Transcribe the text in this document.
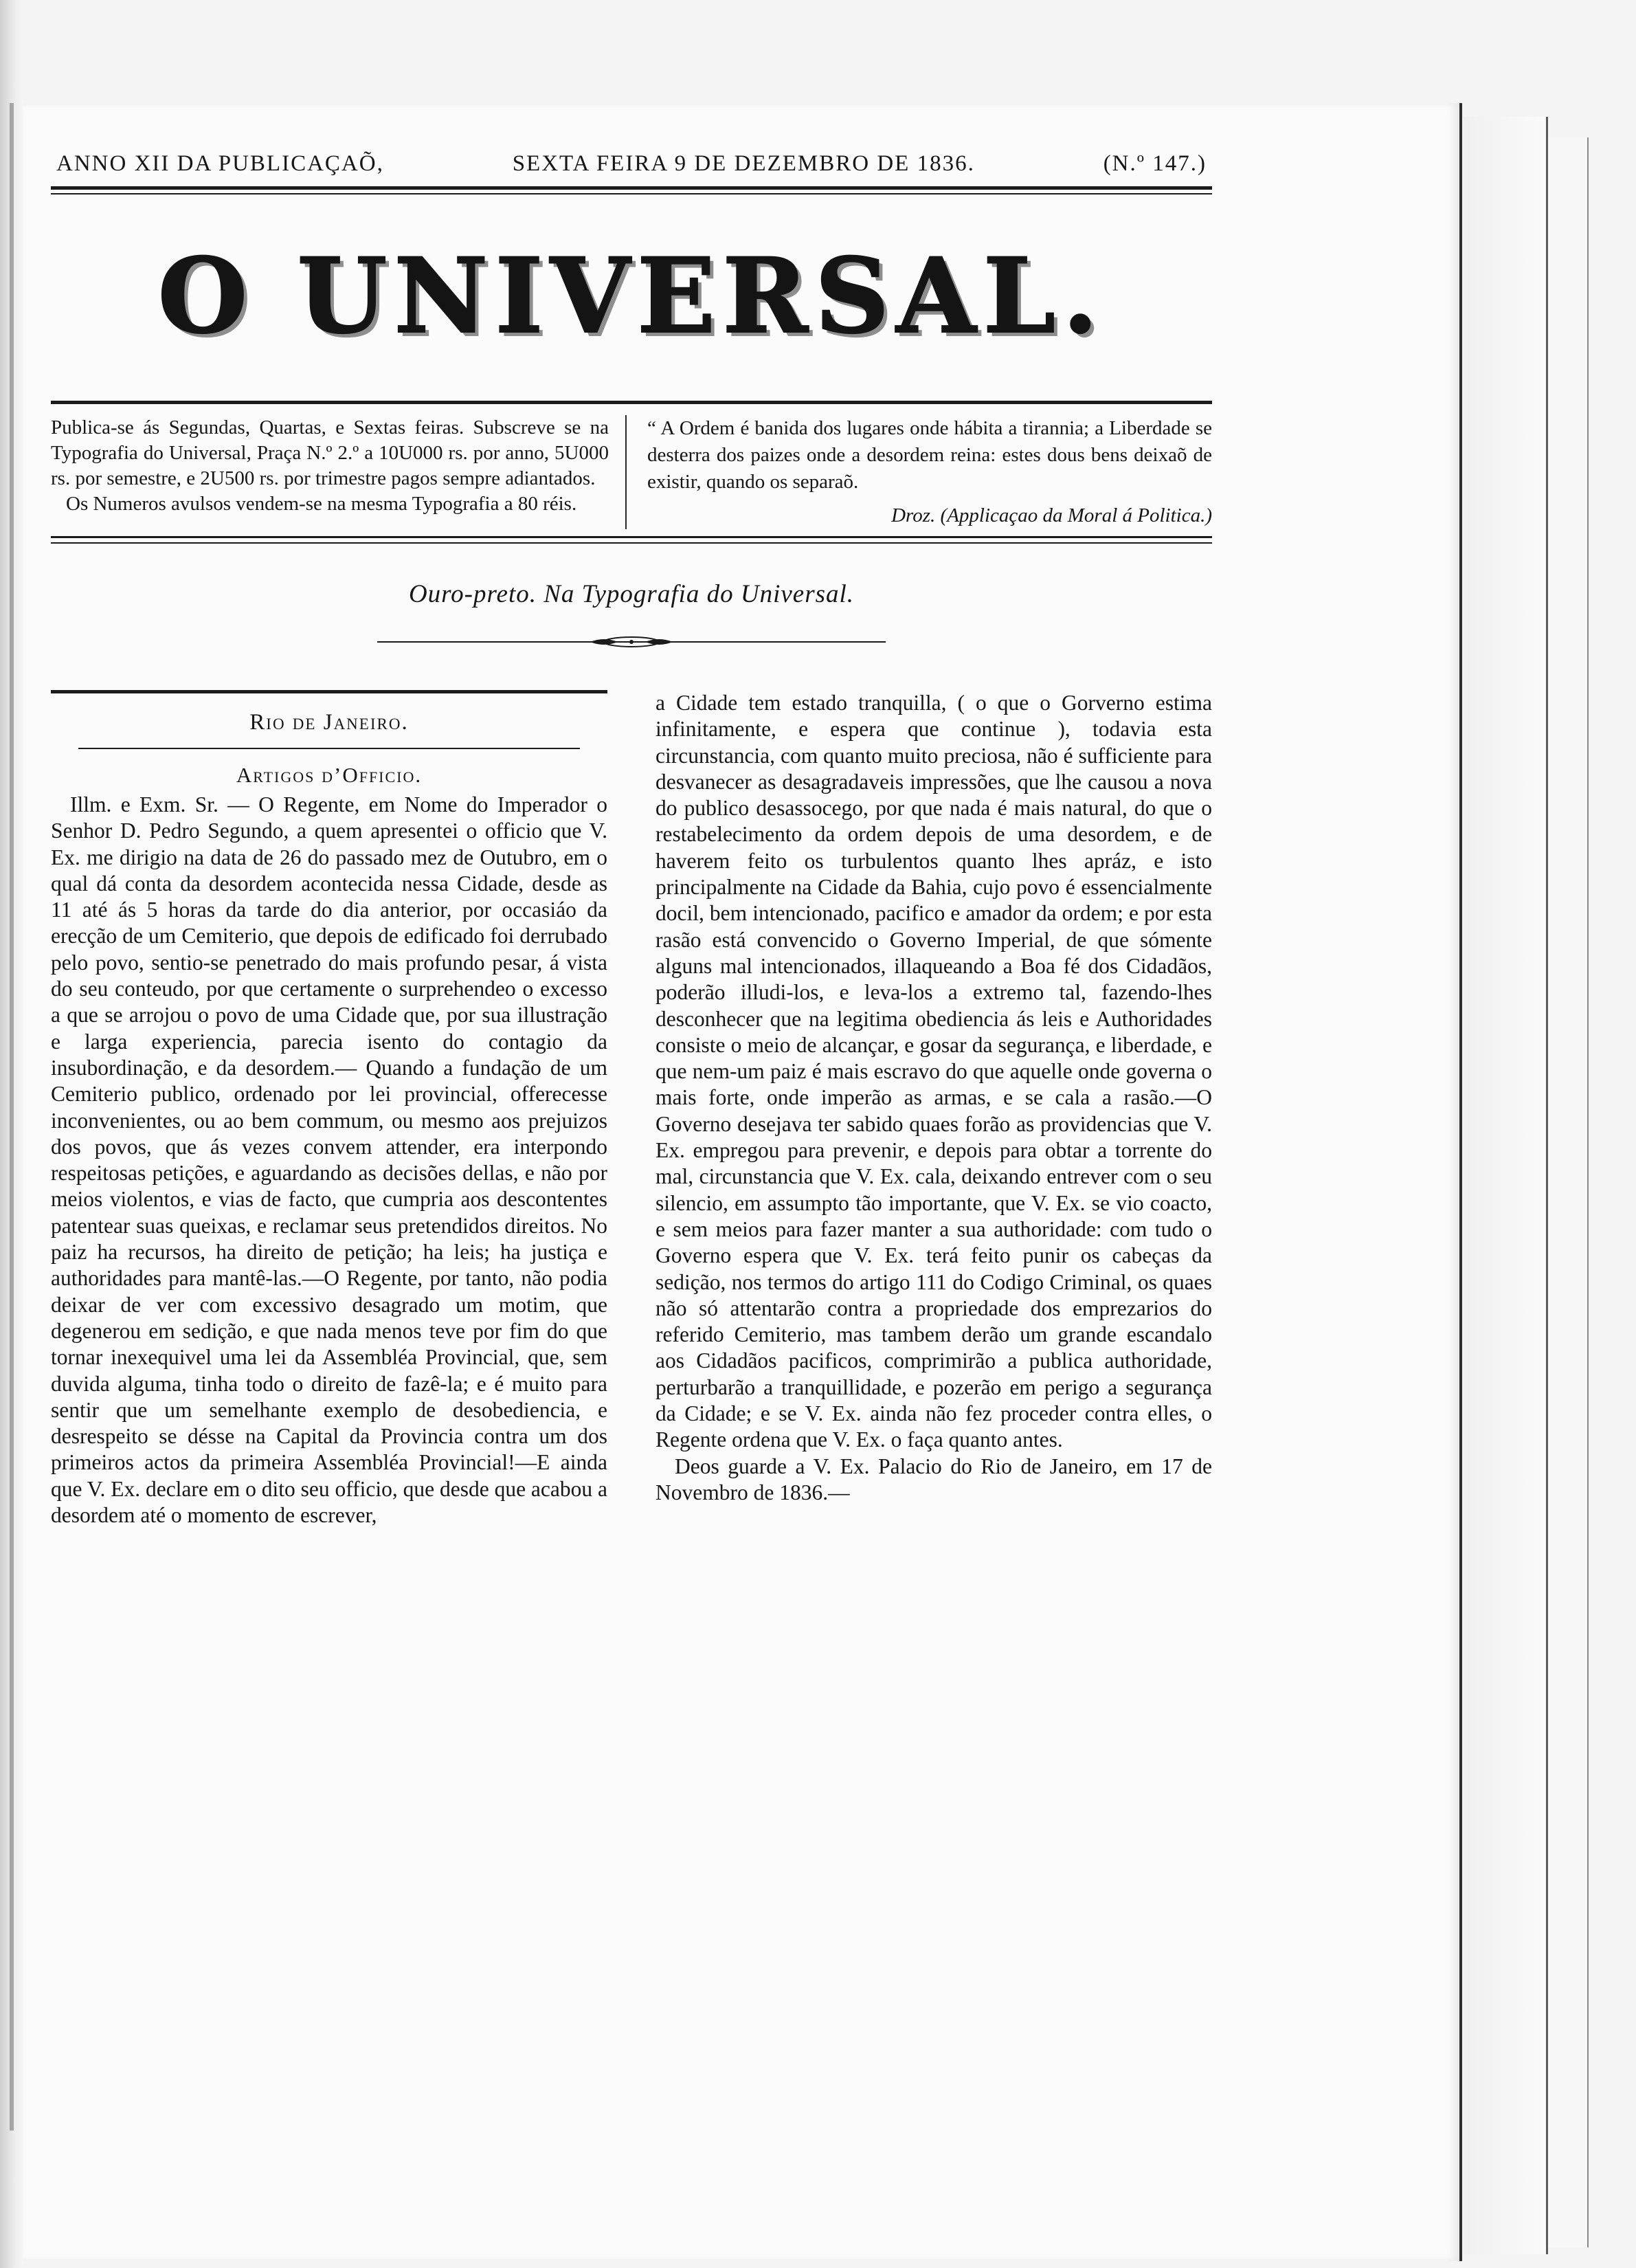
ANNO XII DA PUBLICAÇAÕ,	SEXTA FEIRA 9 DE DEZEMBRO DE 1836.	(N.º 147.)
O UNIVERSAL.

Publica-se ás Segundas, Quartas, e Sextas feiras. Subscreve se na Typografia do Universal, Praça N.º 2.º a 10U000 rs. por anno, 5U000 rs. por semestre, e 2U500 rs. por trimestre pagos sempre adiantados.

Os Numeros avulsos vendem-se na mesma Typografia a 80 réis.

“ A Ordem é banida dos lugares onde hábita a tirannia; a Liberdade se desterra dos paizes onde a desordem reina: estes dous bens deixaõ de existir, quando os separaõ.

Droz. (Applicaçao da Moral á Politica.)

Ouro-preto. Na Typografia do Universal.
Rio de Janeiro.
Artigos d’Officio.

Illm. e Exm. Sr. — O Regente, em Nome do Imperador o Senhor D. Pedro Segundo, a quem apresentei o officio que V. Ex. me dirigio na data de 26 do passado mez de Outubro, em o qual dá conta da desordem acontecida nessa Cidade, desde as 11 até ás 5 horas da tarde do dia anterior, por occasiáo da erecção de um Cemiterio, que depois de edificado foi derrubado pelo povo, sentio-se penetrado do mais profundo pesar, á vista do seu conteudo, por que certamente o surprehendeo o excesso a que se arrojou o povo de uma Cidade que, por sua illustração e larga experiencia, parecia isento do contagio da insubordinação, e da desordem.— Quando a fundação de um Cemiterio publico, ordenado por lei provincial, offerecesse inconvenientes, ou ao bem commum, ou mesmo aos prejuizos dos povos, que ás vezes convem attender, era interpondo respeitosas petições, e aguardando as decisões dellas, e não por meios violentos, e vias de facto, que cumpria aos descontentes patentear suas queixas, e reclamar seus pretendidos direitos. No paiz ha recursos, ha direito de petição; ha leis; ha justiça e authoridades para mantê-las.—O Regente, por tanto, não podia deixar de ver com excessivo desagrado um motim, que degenerou em sedição, e que nada menos teve por fim do que tornar inexequivel uma lei da Assembléa Provincial, que, sem duvida alguma, tinha todo o direito de fazê-la; e é muito para sentir que um semelhante exemplo de desobediencia, e desrespeito se désse na Capital da Provincia contra um dos primeiros actos da primeira Assembléa Provincial!—E ainda que V. Ex. declare em o dito seu officio, que desde que acabou a desordem até o momento de escrever,

a Cidade tem estado tranquilla, ( o que o Gorverno estima infinitamente, e espera que continue ), todavia esta circunstancia, com quanto muito preciosa, não é sufficiente para desvanecer as desagradaveis impressões, que lhe causou a nova do publico desassocego, por que nada é mais natural, do que o restabelecimento da ordem depois de uma desordem, e de haverem feito os turbulentos quanto lhes apráz, e isto principalmente na Cidade da Bahia, cujo povo é essencialmente docil, bem intencionado, pacifico e amador da ordem; e por esta rasão está convencido o Governo Imperial, de que sómente alguns mal intencionados, illaqueando a Boa fé dos Cidadãos, poderão illudi-los, e leva-los a extremo tal, fazendo-lhes desconhecer que na legitima obediencia ás leis e Authoridades consiste o meio de alcançar, e gosar da segurança, e liberdade, e que nem-um paiz é mais escravo do que aquelle onde governa o mais forte, onde imperão as armas, e se cala a rasão.—O Governo desejava ter sabido quaes forão as providencias que V. Ex. empregou para prevenir, e depois para obtar a torrente do mal, circunstancia que V. Ex. cala, deixando entrever com o seu silencio, em assumpto tão importante, que V. Ex. se vio coacto, e sem meios para fazer manter a sua authoridade: com tudo o Governo espera que V. Ex. terá feito punir os cabeças da sedição, nos termos do artigo 111 do Codigo Criminal, os quaes não só attentarão contra a propriedade dos emprezarios do referido Cemiterio, mas tambem derão um grande escandalo aos Cidadãos pacificos, comprimirão a publica authoridade, perturbarão a tranquillidade, e pozerão em perigo a segurança da Cidade; e se V. Ex. ainda não fez proceder contra elles, o Regente ordena que V. Ex. o faça quanto antes.

Deos guarde a V. Ex. Palacio do Rio de Janeiro, em 17 de Novembro de 1836.—
